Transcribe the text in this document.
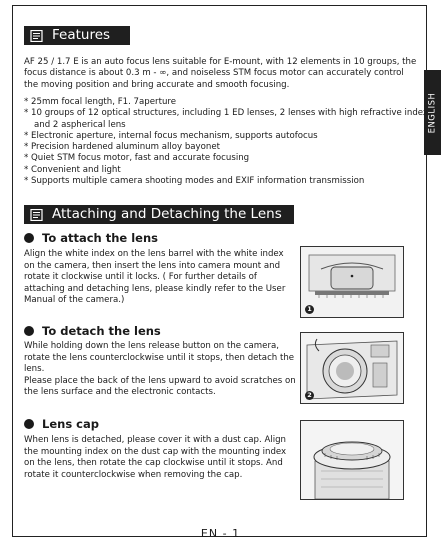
ENGLISH
Features
AF 25 / 1.7 E is an auto focus lens suitable for E-mount, with 12 elements in 10 groups, the focus distance is about 0.3 m - ∞, and noiseless STM focus motor can accurately control the moving position and bring accurate and smooth focusing.
* 25mm focal length, F1. 7aperture
* 10 groups of 12 optical structures, including 1 ED lenses, 2 lenses with high refractive index
and 2 aspherical lens
* Electronic aperture, internal focus mechanism, supports autofocus
* Precision hardened aluminum alloy bayonet
* Quiet STM focus motor, fast and accurate focusing
* Convenient and light
* Supports multiple camera shooting modes and EXIF information transmission
Attaching and Detaching the Lens
To attach the lens
Align the white index on the lens barrel with the white index on the camera, then insert the lens into camera mount and rotate it clockwise until it locks. ( For further details of attaching and detaching lens, please kindly refer to the User Manual of the camera.)
1
To detach the lens
While holding down the lens release button on the camera, rotate the lens counterclockwise until it stops, then detach the lens.
Please place the back of the lens upward to avoid scratches on the lens surface and the electronic contacts.	2
Lens cap
When lens is detached, please cover it with a dust cap. Align the mounting index on the dust cap with the mounting index on the lens, then rotate the cap clockwise until it stops. And rotate it counterclockwise when removing the cap.
EN - 1
